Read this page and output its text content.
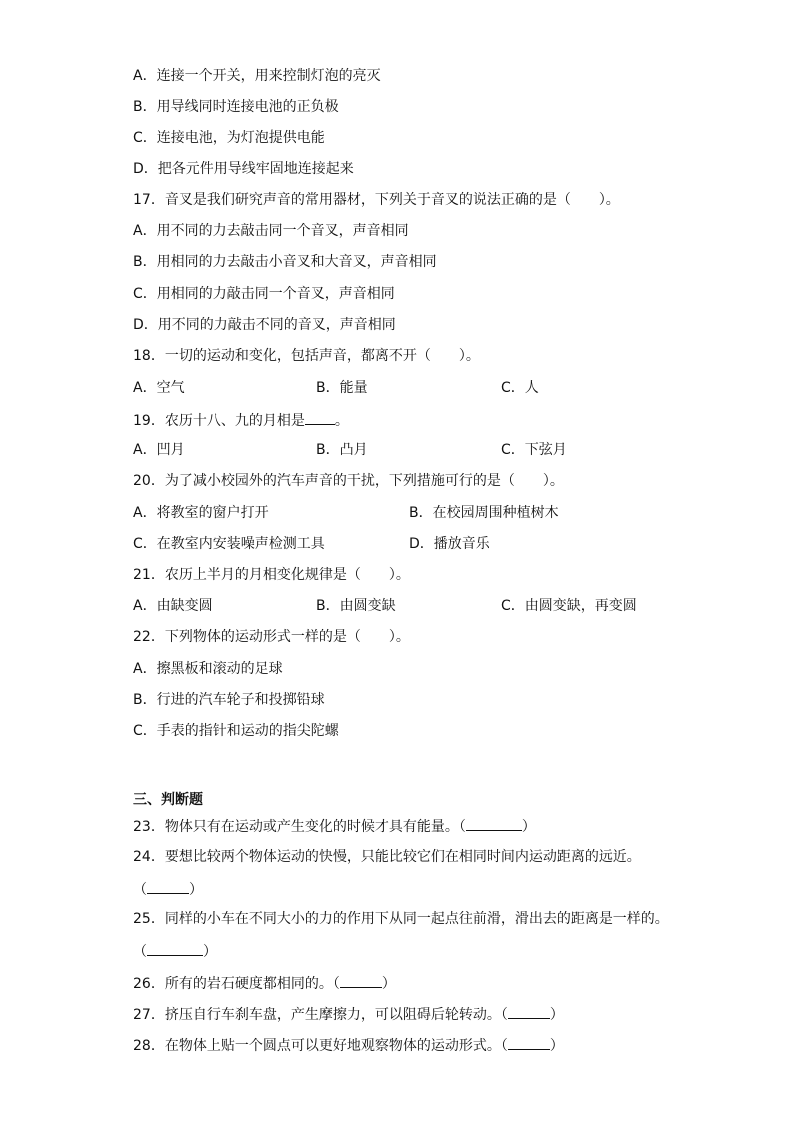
A．连接一个开关，用来控制灯泡的亮灭
B．用导线同时连接电池的正负极
C．连接电池，为灯泡提供电能
D．把各元件用导线牢固地连接起来
17．音叉是我们研究声音的常用器材，下列关于音叉的说法正确的是（　　）。
A．用不同的力去敲击同一个音叉，声音相同
B．用相同的力去敲击小音叉和大音叉，声音相同
C．用相同的力敲击同一个音叉，声音相同
D．用不同的力敲击不同的音叉，声音相同
18．一切的运动和变化，包括声音，都离不开（　　）。
A．空气	B．能量	C．人
19．农历十八、九的月相是 。
A．凹月	B．凸月	C．下弦月
20．为了减小校园外的汽车声音的干扰，下列措施可行的是（　　）。
A．将教室的窗户打开	B．在校园周围种植树木
C．在教室内安装噪声检测工具	D．播放音乐
21．农历上半月的月相变化规律是（　　）。
A．由缺变圆	B．由圆变缺	C．由圆变缺，再变圆
22．下列物体的运动形式一样的是（　　）。
A．擦黑板和滚动的足球
B．行进的汽车轮子和投掷铅球
C．手表的指针和运动的指尖陀螺
三、判断题
23．物体只有在运动或产生变化的时候才具有能量。（	）
24．要想比较两个物体运动的快慢，只能比较它们在相同时间内运动距离的远近。
（	）
25．同样的小车在不同大小的力的作用下从同一起点往前滑，滑出去的距离是一样的。
（	）
26．所有的岩石硬度都相同的。（	）
27．挤压自行车刹车盘，产生摩擦力，可以阻碍后轮转动。（	）
28．在物体上贴一个圆点可以更好地观察物体的运动形式。（	）
